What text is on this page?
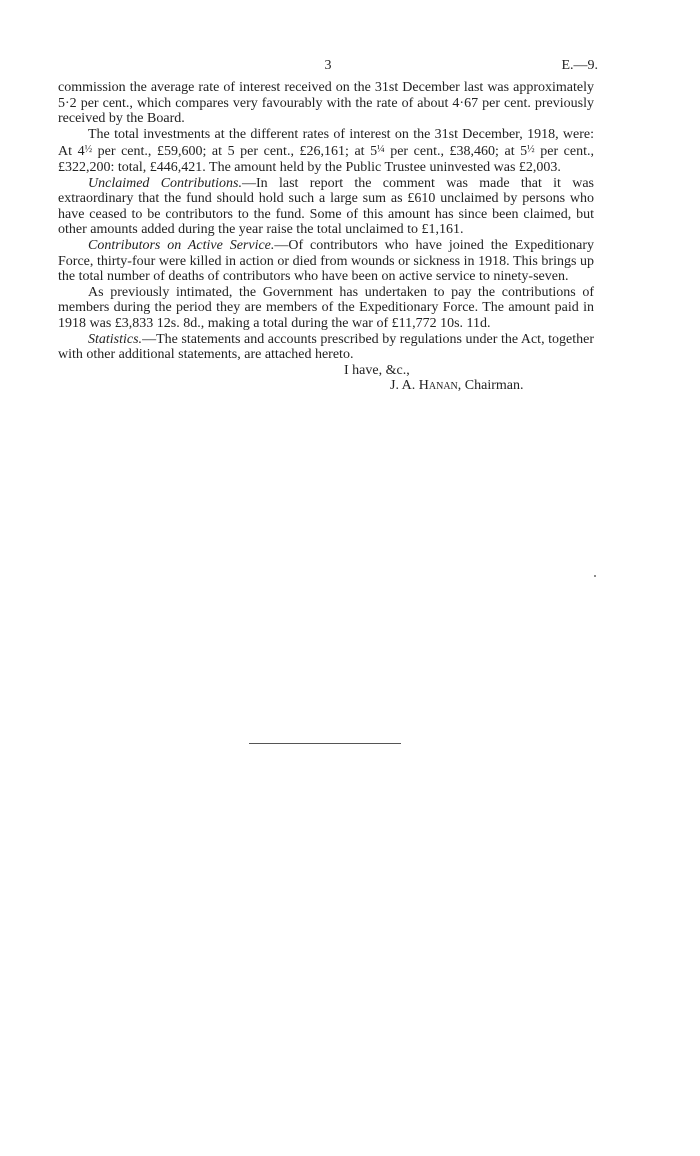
3	E.—9.

commission the average rate of interest received on the 31st December last was approximately 5·2 per cent., which compares very favourably with the rate of about 4·67 per cent. previously received by the Board.

The total investments at the different rates of interest on the 31st December, 1918, were: At $4^{\frac{1}{2}}$ per cent., £59,600; at 5 per cent., £26,161; at $5^{\frac{1}{4}}$ per cent., £38,460; at $5^{\frac{1}{2}}$ per cent., £322,200: total, £446,421. The amount held by the Public Trustee uninvested was £2,003.

Unclaimed Contributions.—In last report the comment was made that it was extraordinary that the fund should hold such a large sum as £610 unclaimed by persons who have ceased to be contributors to the fund. Some of this amount has since been claimed, but other amounts added during the year raise the total unclaimed to £1,161.

Contributors on Active Service.—Of contributors who have joined the Expeditionary Force, thirty-four were killed in action or died from wounds or sickness in 1918. This brings up the total number of deaths of contributors who have been on active service to ninety-seven.

As previously intimated, the Government has undertaken to pay the contributions of members during the period they are members of the Expeditionary Force. The amount paid in 1918 was £3,833 12s. 8d., making a total during the war of £11,772 10s. 11d.

Statistics.—The statements and accounts prescribed by regulations under the Act, together with other additional statements, are attached hereto.

I have, &c.,
J. A. Hanan, Chairman.
